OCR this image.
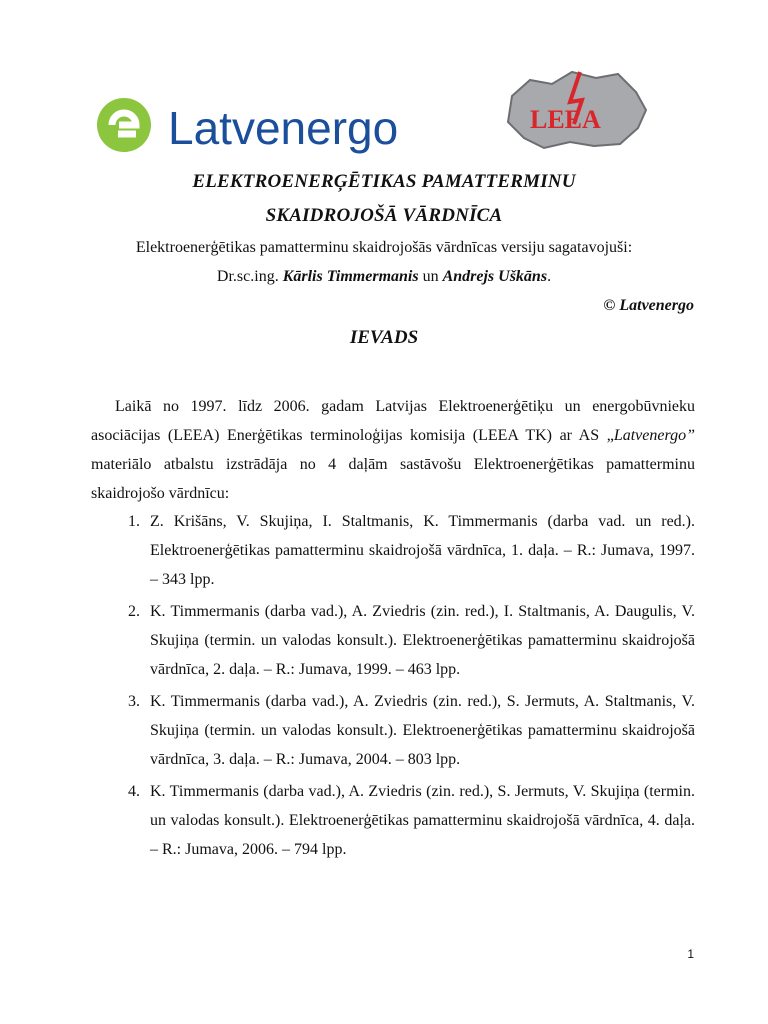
Latvenergo	LEEA
ELEKTROENERĢĒTIKAS PAMATTERMINU
SKAIDROJOŠĀ VĀRDNĪCA
Elektroenerģētikas pamatterminu skaidrojošās vārdnīcas versiju sagatavojuši:
Dr.sc.ing. Kārlis Timmermanis un Andrejs Uškāns.
© Latvenergo
IEVADS

Laikā no 1997. līdz 2006. gadam Latvijas Elektroenerģētiķu un energobūvnieku asociācijas (LEEA) Enerģētikas terminoloģijas komisija (LEEA TK) ar AS „Latvenergo” materiālo atbalstu izstrādāja no 4 daļām sastāvošu Elektroenerģētikas pamatterminu skaidrojošo vārdnīcu:

1. Z. Krišāns, V. Skujiņa, I. Staltmanis, K. Timmermanis (darba vad. un red.). Elektroenerģētikas pamatterminu skaidrojošā vārdnīca, 1. daļa. – R.: Jumava, 1997. – 343 lpp.
2. K. Timmermanis (darba vad.), A. Zviedris (zin. red.), I. Staltmanis, A. Daugulis, V. Skujiņa (termin. un valodas konsult.). Elektroenerģētikas pamatterminu skaidrojošā vārdnīca, 2. daļa. – R.: Jumava, 1999. – 463 lpp.
3. K. Timmermanis (darba vad.), A. Zviedris (zin. red.), S. Jermuts, A. Staltmanis, V. Skujiņa (termin. un valodas konsult.). Elektroenerģētikas pamatterminu skaidrojošā vārdnīca, 3. daļa. – R.: Jumava, 2004. – 803 lpp.
4. K. Timmermanis (darba vad.), A. Zviedris (zin. red.), S. Jermuts, V. Skujiņa (termin. un valodas konsult.). Elektroenerģētikas pamatterminu skaidrojošā vārdnīca, 4. daļa. – R.: Jumava, 2006. – 794 lpp.
1
